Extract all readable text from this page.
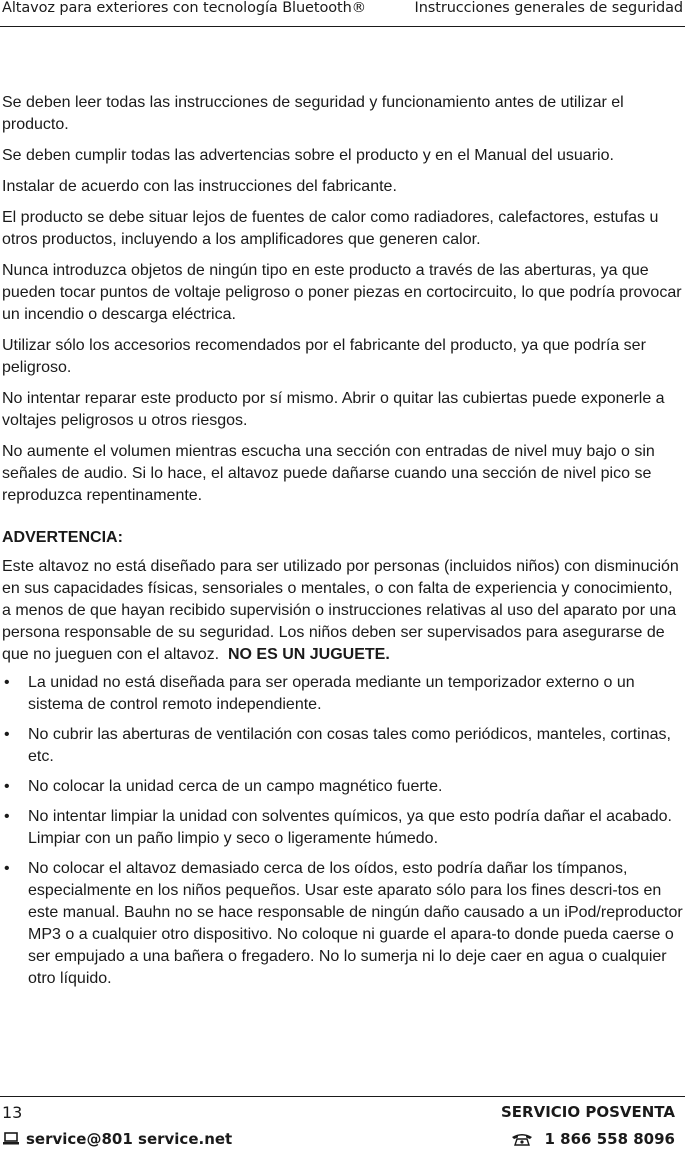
Altavoz para exteriores con tecnología Bluetooth®	Instrucciones generales de seguridad

Se deben leer todas las instrucciones de seguridad y funcionamiento antes de utilizar el producto.

Se deben cumplir todas las advertencias sobre el producto y en el Manual del usuario.

Instalar de acuerdo con las instrucciones del fabricante.

El producto se debe situar lejos de fuentes de calor como radiadores, calefactores, estufas u otros productos, incluyendo a los amplificadores que generen calor.

Nunca introduzca objetos de ningún tipo en este producto a través de las aberturas, ya que pueden tocar puntos de voltaje peligroso o poner piezas en cortocircuito, lo que podría provocar un incendio o descarga eléctrica.

Utilizar sólo los accesorios recomendados por el fabricante del producto, ya que podría ser peligroso.

No intentar reparar este producto por sí mismo. Abrir o quitar las cubiertas puede exponerle a voltajes peligrosos u otros riesgos.

No aumente el volumen mientras escucha una sección con entradas de nivel muy bajo o sin señales de audio. Si lo hace, el altavoz puede dañarse cuando una sección de nivel pico se reproduzca repentinamente.

ADVERTENCIA:

Este altavoz no está diseñado para ser utilizado por personas (incluidos niños) con disminución en sus capacidades físicas, sensoriales o mentales, o con falta de experiencia y conocimiento, a menos de que hayan recibido supervisión o instrucciones relativas al uso del aparato por una persona responsable de su seguridad. Los niños deben ser supervisados para asegurarse de que no jueguen con el altavoz. NO ES UN JUGUETE.

• La unidad no está diseñada para ser operada mediante un temporizador externo o un sistema de control remoto independiente.
• No cubrir las aberturas de ventilación con cosas tales como periódicos, manteles, cortinas, etc.
• No colocar la unidad cerca de un campo magnético fuerte.
• No intentar limpiar la unidad con solventes químicos, ya que esto podría dañar el acabado. Limpiar con un paño limpio y seco o ligeramente húmedo.
• No colocar el altavoz demasiado cerca de los oídos, esto podría dañar los tímpanos, especialmente en los niños pequeños. Usar este aparato sólo para los fines descri-tos en este manual. Bauhn no se hace responsable de ningún daño causado a un iPod/reproductor MP3 o a cualquier otro dispositivo. No coloque ni guarde el apara-to donde pueda caerse o ser empujado a una bañera o fregadero. No lo sumerja ni lo deje caer en agua o cualquier otro líquido.
13	SERVICIO POSVENTA
service@801 service.net	1 866 558 8096
